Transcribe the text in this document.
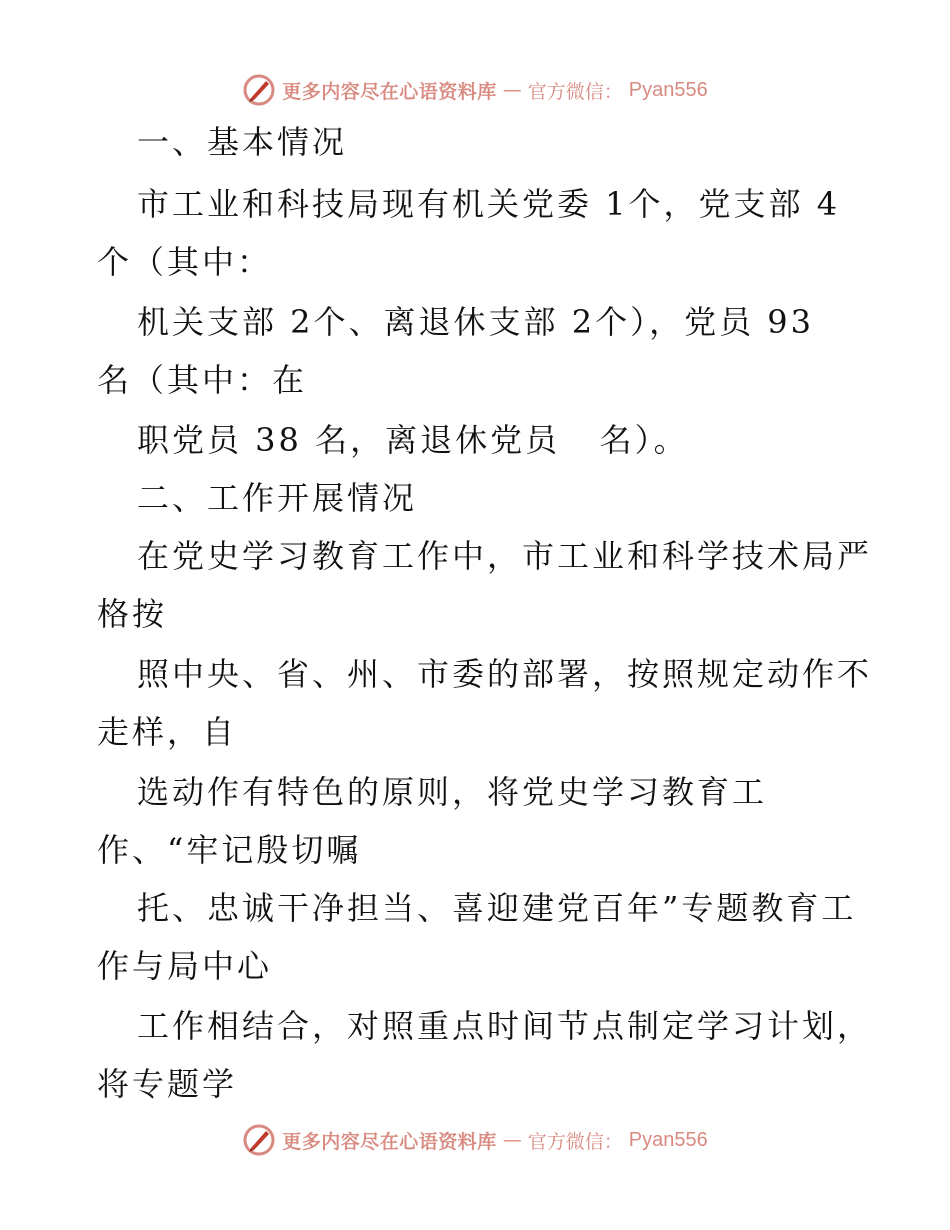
更多内容尽在心语资料库 — 官方微信： Pyan556
一、基本情况
市工业和科技局现有机关党委 1个，党支部 4
个（其中：
机关支部 2个、离退休支部 2个），党员 93
名（其中：在
职党员 38 名，离退休党员   名）。
二、工作开展情况
在党史学习教育工作中，市工业和科学技术局严
格按
照中央、省、州、市委的部署，按照规定动作不
走样，自
选动作有特色的原则，将党史学习教育工
作、“牢记殷切嘱
托、忠诚干净担当、喜迎建党百年”专题教育工
作与局中心
工作相结合，对照重点时间节点制定学习计划，
将专题学
更多内容尽在心语资料库 — 官方微信： Pyan556
